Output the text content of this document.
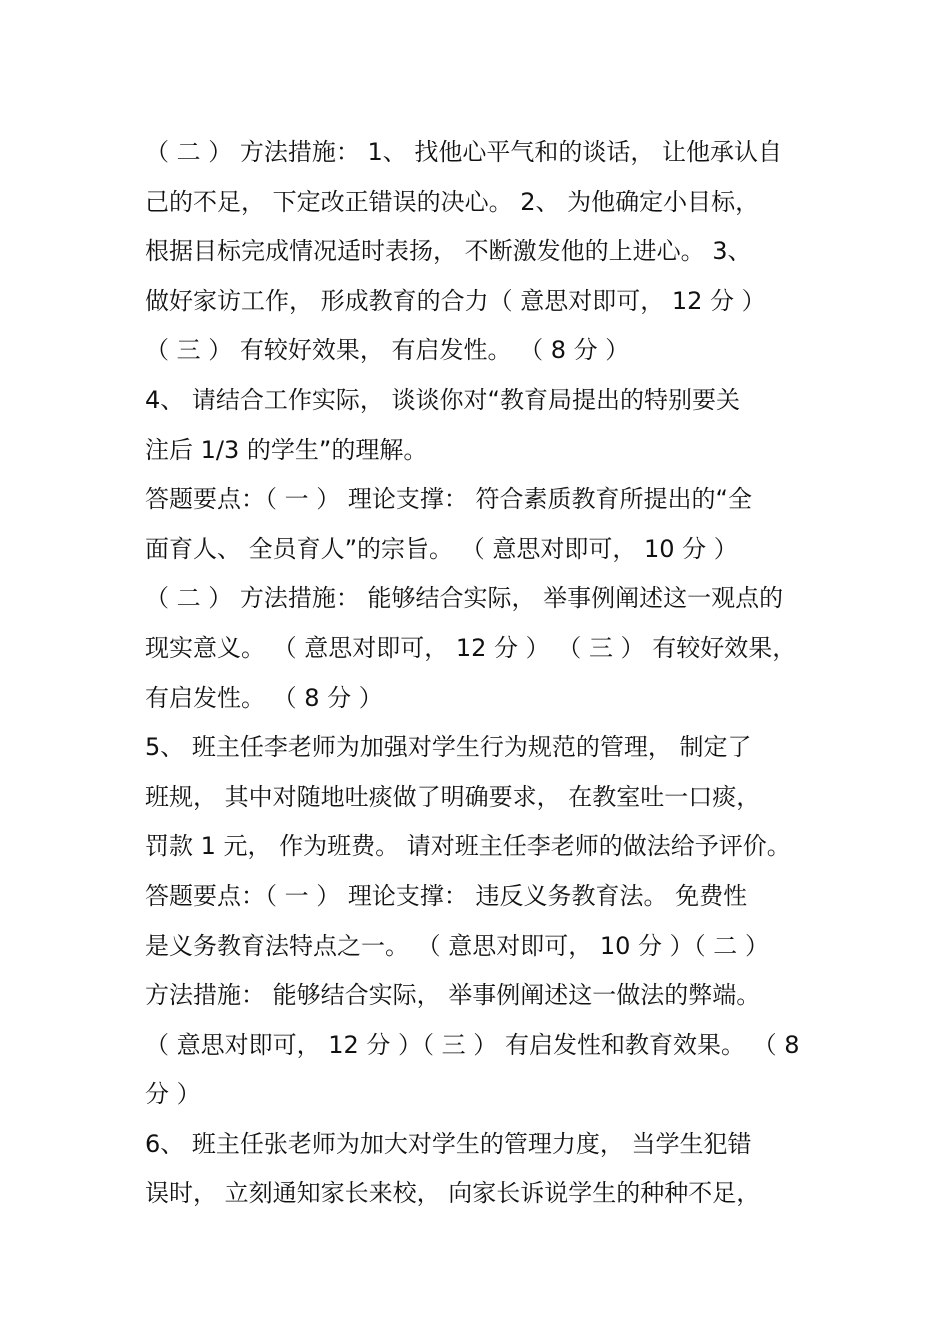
（ 二 ） 方法措施： 1、 找他心平气和的谈话， 让他承认自
己的不足， 下定改正错误的决心。 2、 为他确定小目标，
根据目标完成情况适时表扬， 不断激发他的上进心。 3、
做好家访工作， 形成教育的合力（ 意思对即可， 12 分 ）
（ 三 ） 有较好效果， 有启发性。 （ 8 分 ）
4、 请结合工作实际， 谈谈你对“教育局提出的特别要关
注后 1/3 的学生”的理解。
答题要点：（ 一 ） 理论支撑： 符合素质教育所提出的“全
面育人、 全员育人”的宗旨。 （ 意思对即可， 10 分 ）
（ 二 ） 方法措施： 能够结合实际， 举事例阐述这一观点的
现实意义。 （ 意思对即可， 12 分 ） （ 三 ） 有较好效果，
有启发性。 （ 8 分 ）
5、 班主任李老师为加强对学生行为规范的管理， 制定了
班规， 其中对随地吐痰做了明确要求， 在教室吐一口痰，
罚款 1 元， 作为班费。 请对班主任李老师的做法给予评价。
答题要点：（ 一 ） 理论支撑： 违反义务教育法。 免费性
是义务教育法特点之一。 （ 意思对即可， 10 分 ）（ 二 ）
方法措施： 能够结合实际， 举事例阐述这一做法的弊端。
（ 意思对即可， 12 分 ）（ 三 ） 有启发性和教育效果。 （ 8
分 ）
6、 班主任张老师为加大对学生的管理力度， 当学生犯错
误时， 立刻通知家长来校， 向家长诉说学生的种种不足，
